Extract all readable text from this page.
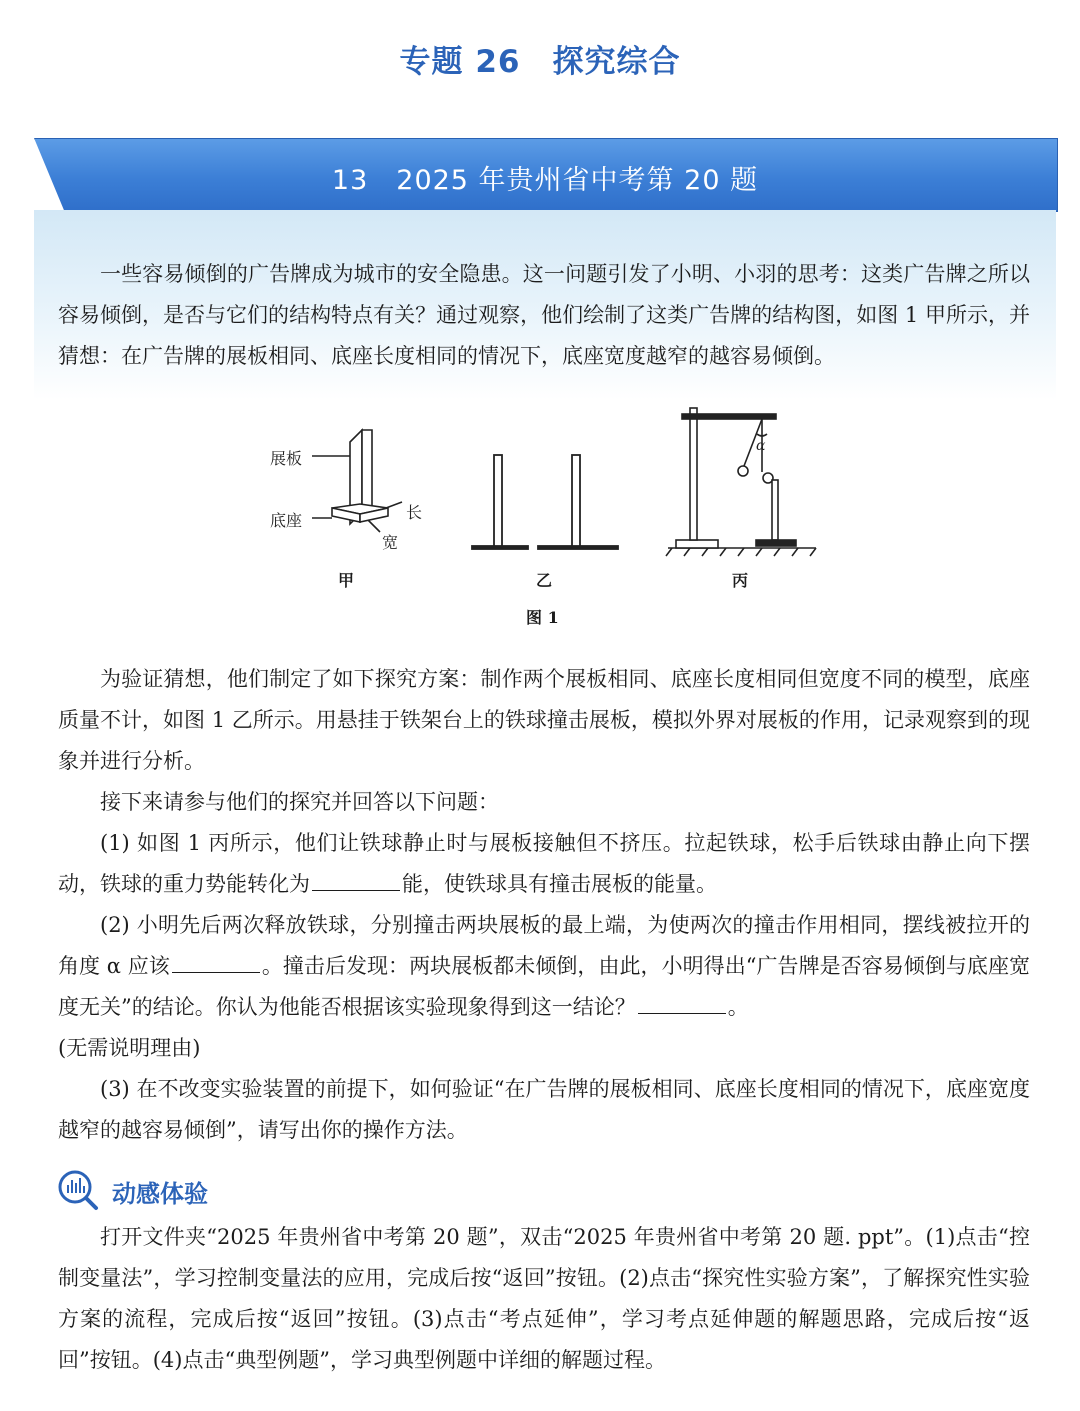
专题 26　探究综合
13　2025 年贵州省中考第 20 题
一些容易倾倒的广告牌成为城市的安全隐患。这一问题引发了小明、小羽的思考：这类广告牌之所以容易倾倒，是否与它们的结构特点有关？通过观察，他们绘制了这类广告牌的结构图，如图 1 甲所示，并猜想：在广告牌的展板相同、底座长度相同的情况下，底座宽度越窄的越容易倾倒。
展板
底座	长
宽
α
甲	乙	丙
图 1
为验证猜想，他们制定了如下探究方案：制作两个展板相同、底座长度相同但宽度不同的模型，底座质量不计，如图 1 乙所示。用悬挂于铁架台上的铁球撞击展板，模拟外界对展板的作用，记录观察到的现象并进行分析。
接下来请参与他们的探究并回答以下问题：
(1) 如图 1 丙所示，他们让铁球静止时与展板接触但不挤压。拉起铁球，松手后铁球由静止向下摆动，铁球的重力势能转化为	能，使铁球具有撞击展板的能量。
(2) 小明先后两次释放铁球，分别撞击两块展板的最上端，为使两次的撞击作用相同，摆线被拉开的角度 α 应该	。撞击后发现：两块展板都未倾倒，由此，小明得出“广告牌是否容易倾倒与底座宽度无关”的结论。你认为他能否根据该实验现象得到这一结论？	。
(无需说明理由)
(3) 在不改变实验装置的前提下，如何验证“在广告牌的展板相同、底座长度相同的情况下，底座宽度越窄的越容易倾倒”，请写出你的操作方法。
动感体验
打开文件夹“2025 年贵州省中考第 20 题”，双击“2025 年贵州省中考第 20 题. ppt”。(1)点击“控制变量法”，学习控制变量法的应用，完成后按“返回”按钮。(2)点击“探究性实验方案”，了解探究性实验方案的流程，完成后按“返回”按钮。(3)点击“考点延伸”，学习考点延伸题的解题思路，完成后按“返回”按钮。(4)点击“典型例题”，学习典型例题中详细的解题过程。
